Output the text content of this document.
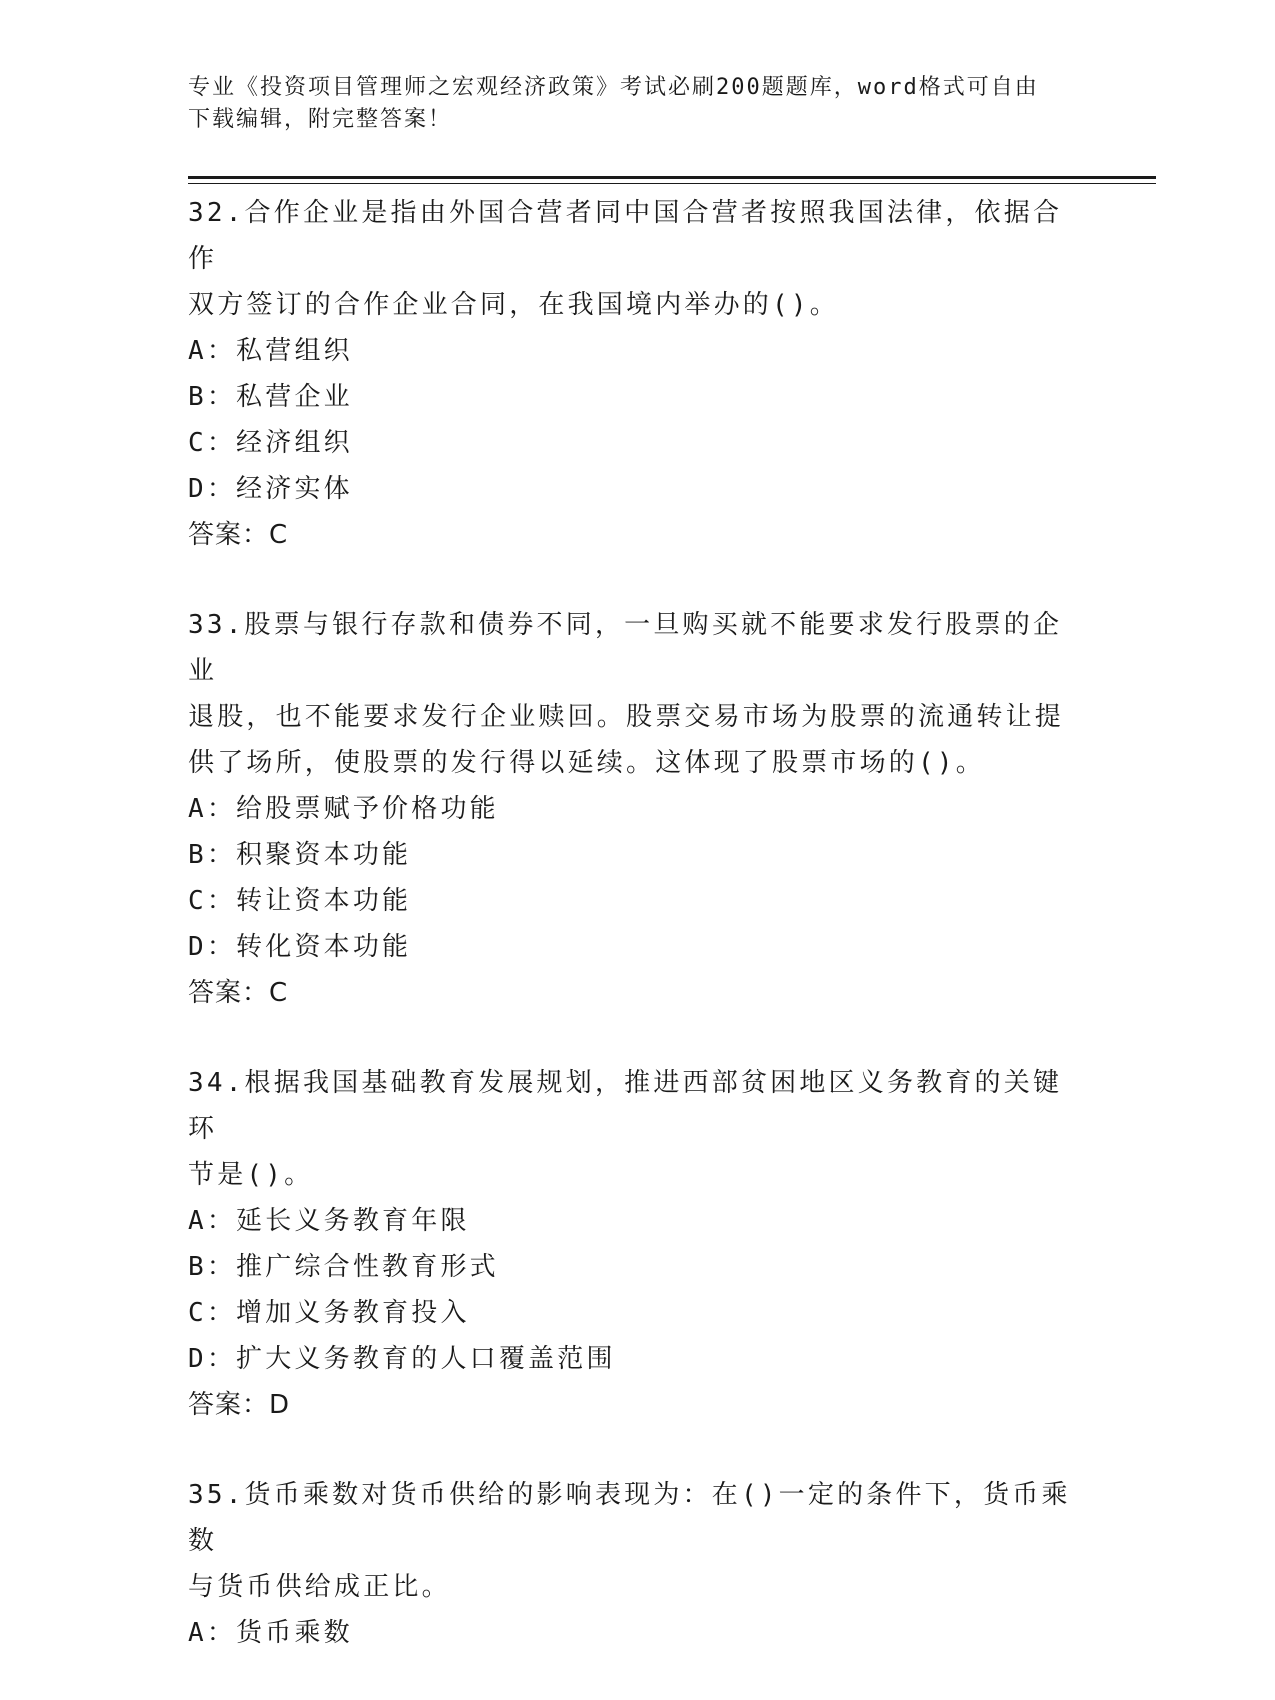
专业《投资项目管理师之宏观经济政策》考试必刷200题题库，word格式可自由
下载编辑，附完整答案！
32.合作企业是指由外国合营者同中国合营者按照我国法律，依据合作
双方签订的合作企业合同，在我国境内举办的()。
A：私营组织
B：私营企业
C：经济组织
D：经济实体
答案：C
33.股票与银行存款和债券不同，一旦购买就不能要求发行股票的企业
退股，也不能要求发行企业赎回。股票交易市场为股票的流通转让提
供了场所，使股票的发行得以延续。这体现了股票市场的()。
A：给股票赋予价格功能
B：积聚资本功能
C：转让资本功能
D：转化资本功能
答案：C
34.根据我国基础教育发展规划，推进西部贫困地区义务教育的关键环
节是()。
A：延长义务教育年限
B：推广综合性教育形式
C：增加义务教育投入
D：扩大义务教育的人口覆盖范围
答案：D
35.货币乘数对货币供给的影响表现为：在()一定的条件下，货币乘数
与货币供给成正比。
A：货币乘数
